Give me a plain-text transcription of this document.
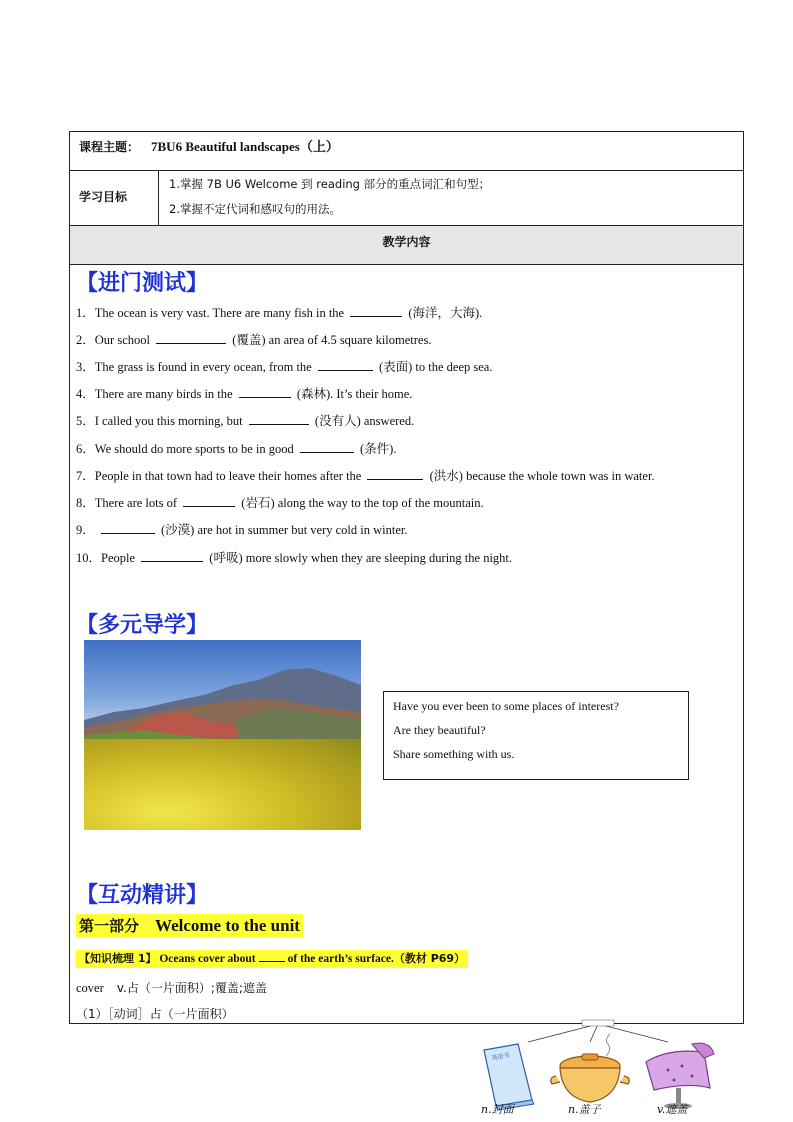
课程主题： 7BU6 Beautiful landscapes（上）
学习目标
1.掌握 7B U6 Welcome 到 reading 部分的重点词汇和句型；
2.掌握不定代词和感叹句的用法。
教学内容
【进门测试】
1．The ocean is very vast. There are many fish in the	(海洋，大海).
2．Our school	(覆盖) an area of 4.5 square kilometres.
3．The grass is found in every ocean, from the	(表面) to the deep sea.
4．There are many birds in the	(森林). It’s their home.
5．I called you this morning, but	(没有人) answered.
6．We should do more sports to be in good	(条件).
7．People in that town had to leave their homes after the	(洪水) because the whole town was in water.
8．There are lots of	(岩石) along the way to the top of the mountain.
9．	(沙漠) are hot in summer but very cold in winter.
10．People	(呼吸) more slowly when they are sleeping during the night.
【多元导学】
Have you ever been to some places of interest?
Are they beautiful?
Share something with us.
【互动精讲】
第一部分 Welcome to the unit
【知识梳理 1】 Oceans cover about	of the earth’s surface.（教材 P69）
cover v.占（一片面积）;覆盖;遮盖
（1）［动词］占（一片面积）
英语书
n.封面	n.盖子	v.遮盖
